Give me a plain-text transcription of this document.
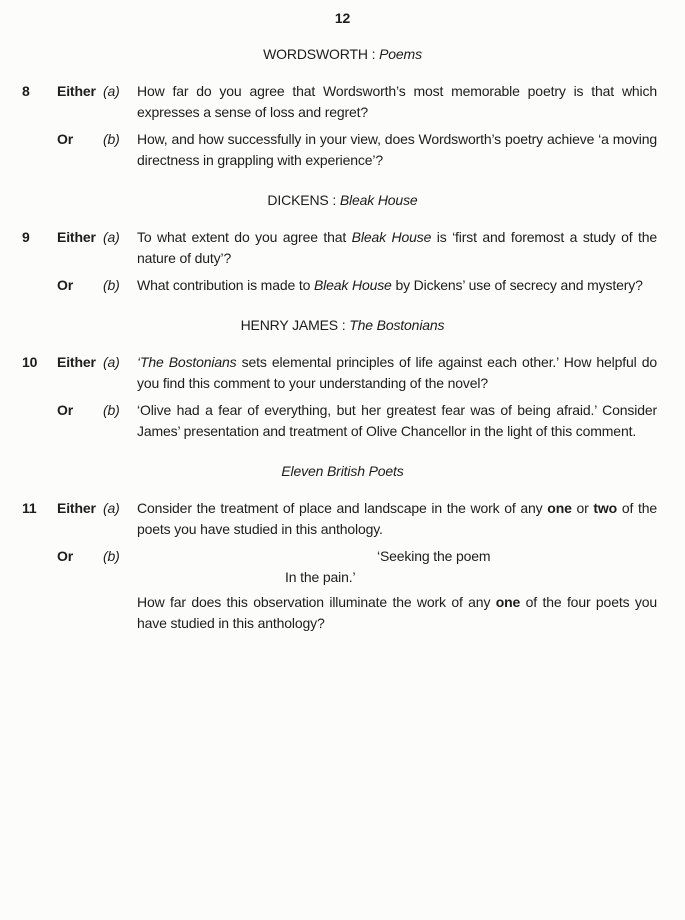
12
WORDSWORTH : Poems
8	Either (a)	How far do you agree that Wordsworth’s most memorable poetry is that which expresses a sense of loss and regret?
Or	(b)	How, and how successfully in your view, does Wordsworth’s poetry achieve ‘a moving directness in grappling with experience’?
DICKENS : Bleak House
9	Either (a)	To what extent do you agree that Bleak House is ‘first and foremost a study of the nature of duty’?
Or	(b)	What contribution is made to Bleak House by Dickens’ use of secrecy and mystery?
HENRY JAMES : The Bostonians
10	Either (a)	‘The Bostonians sets elemental principles of life against each other.’ How helpful do you find this comment to your understanding of the novel?
Or	(b)	‘Olive had a fear of everything, but her greatest fear was of being afraid.’ Consider James’ presentation and treatment of Olive Chancellor in the light of this comment.
Eleven British Poets
11	Either (a)	Consider the treatment of place and landscape in the work of any one or two of the poets you have studied in this anthology.
Or	(b)	‘Seeking the poem
In the pain.’
How far does this observation illuminate the work of any one of the four poets you have studied in this anthology?
